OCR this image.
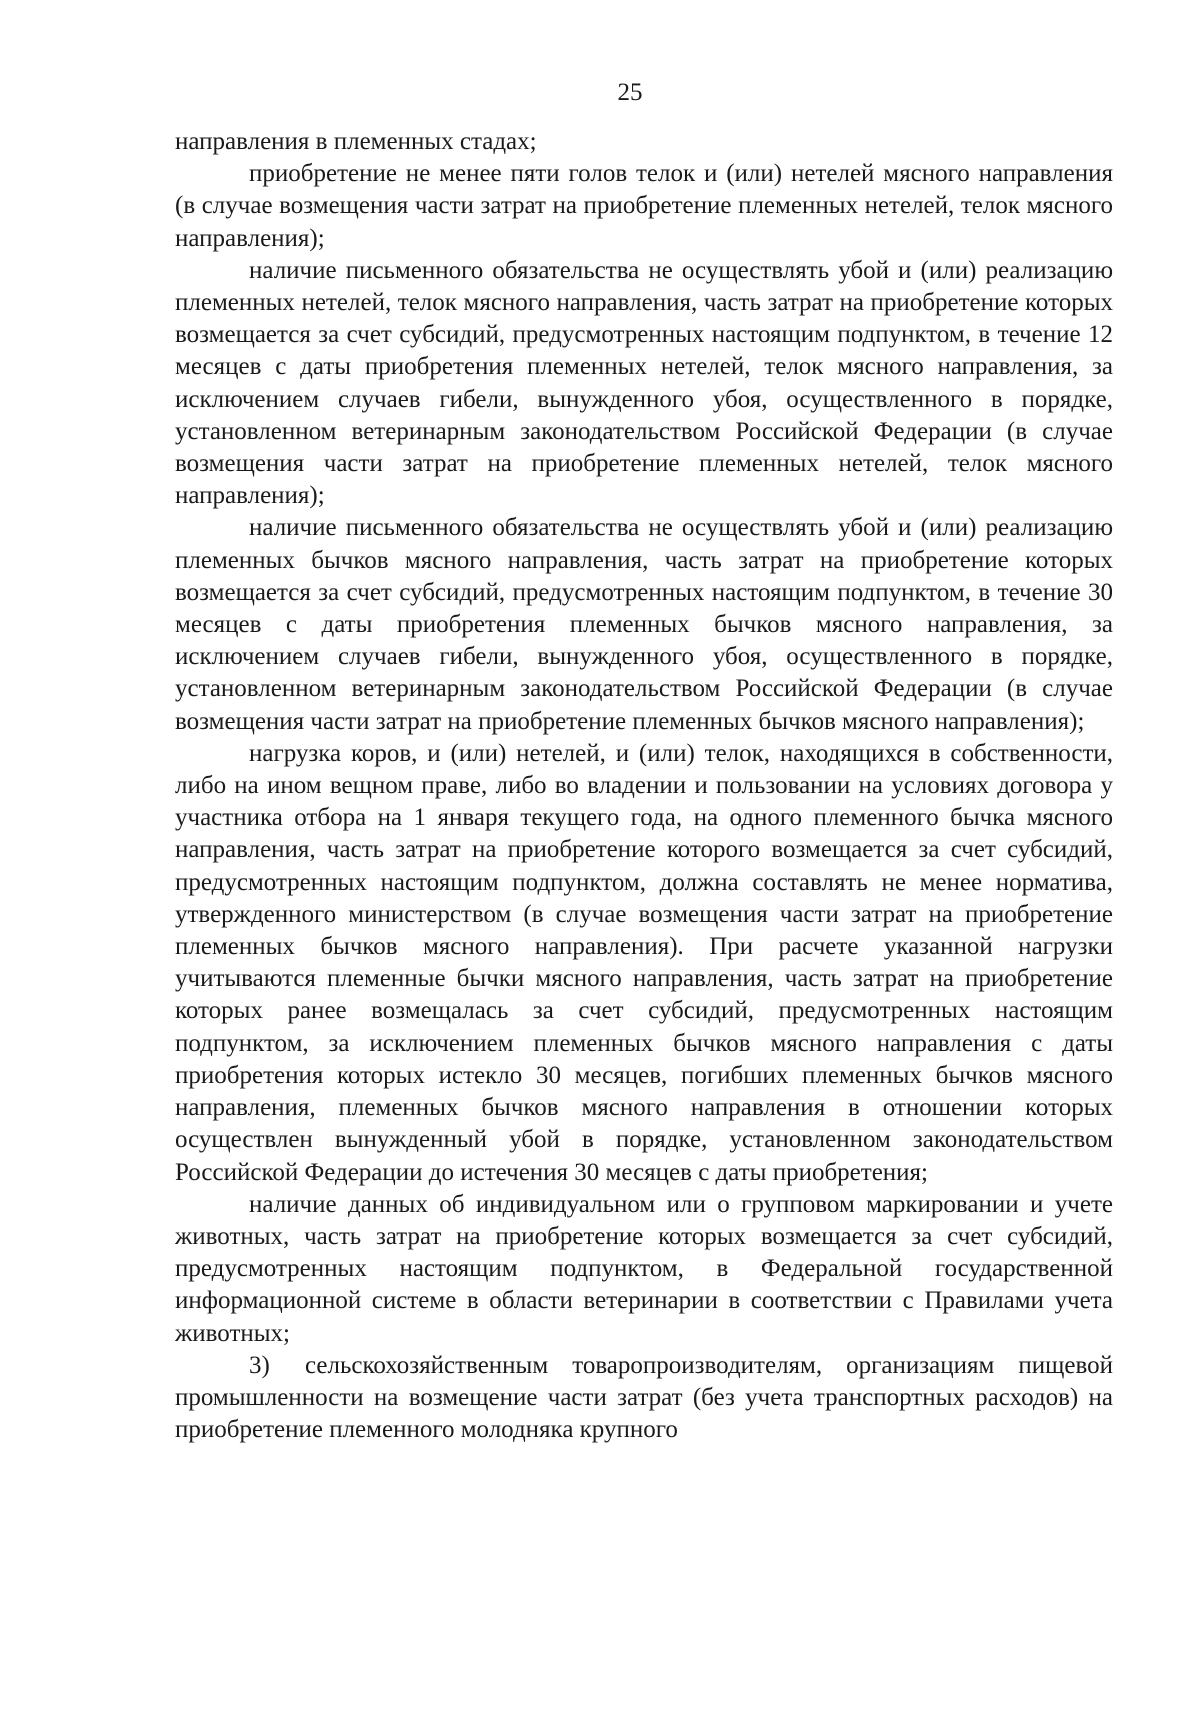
25

направления в племенных стадах;

приобретение не менее пяти голов телок и (или) нетелей мясного направления (в случае возмещения части затрат на приобретение племенных нетелей, телок мясного направления);

наличие письменного обязательства не осуществлять убой и (или) реализацию племенных нетелей, телок мясного направления, часть затрат на приобретение которых возмещается за счет субсидий, предусмотренных настоящим подпунктом, в течение 12 месяцев с даты приобретения племенных нетелей, телок мясного направления, за исключением случаев гибели, вынужденного убоя, осуществленного в порядке, установленном ветеринарным законодательством Российской Федерации (в случае возмещения части затрат на приобретение племенных нетелей, телок мясного направления);

наличие письменного обязательства не осуществлять убой и (или) реализацию племенных бычков мясного направления, часть затрат на приобретение которых возмещается за счет субсидий, предусмотренных настоящим подпунктом, в течение 30 месяцев с даты приобретения племенных бычков мясного направления, за исключением случаев гибели, вынужденного убоя, осуществленного в порядке, установленном ветеринарным законодательством Российской Федерации (в случае возмещения части затрат на приобретение племенных бычков мясного направления);

нагрузка коров, и (или) нетелей, и (или) телок, находящихся в собственности, либо на ином вещном праве, либо во владении и пользовании на условиях договора у участника отбора на 1 января текущего года, на одного племенного бычка мясного направления, часть затрат на приобретение которого возмещается за счет субсидий, предусмотренных настоящим подпунктом, должна составлять не менее норматива, утвержденного министерством (в случае возмещения части затрат на приобретение племенных бычков мясного направления). При расчете указанной нагрузки учитываются племенные бычки мясного направления, часть затрат на приобретение которых ранее возмещалась за счет субсидий, предусмотренных настоящим подпунктом, за исключением племенных бычков мясного направления с даты приобретения которых истекло 30 месяцев, погибших племенных бычков мясного направления, племенных бычков мясного направления в отношении которых осуществлен вынужденный убой в порядке, установленном законодательством Российской Федерации до истечения 30 месяцев с даты приобретения;

наличие данных об индивидуальном или о групповом маркировании и учете животных, часть затрат на приобретение которых возмещается за счет субсидий, предусмотренных настоящим подпунктом, в Федеральной государственной информационной системе в области ветеринарии в соответствии с Правилами учета животных;

3) сельскохозяйственным товаропроизводителям, организациям пищевой промышленности на возмещение части затрат (без учета транспортных расходов) на приобретение племенного молодняка крупного
